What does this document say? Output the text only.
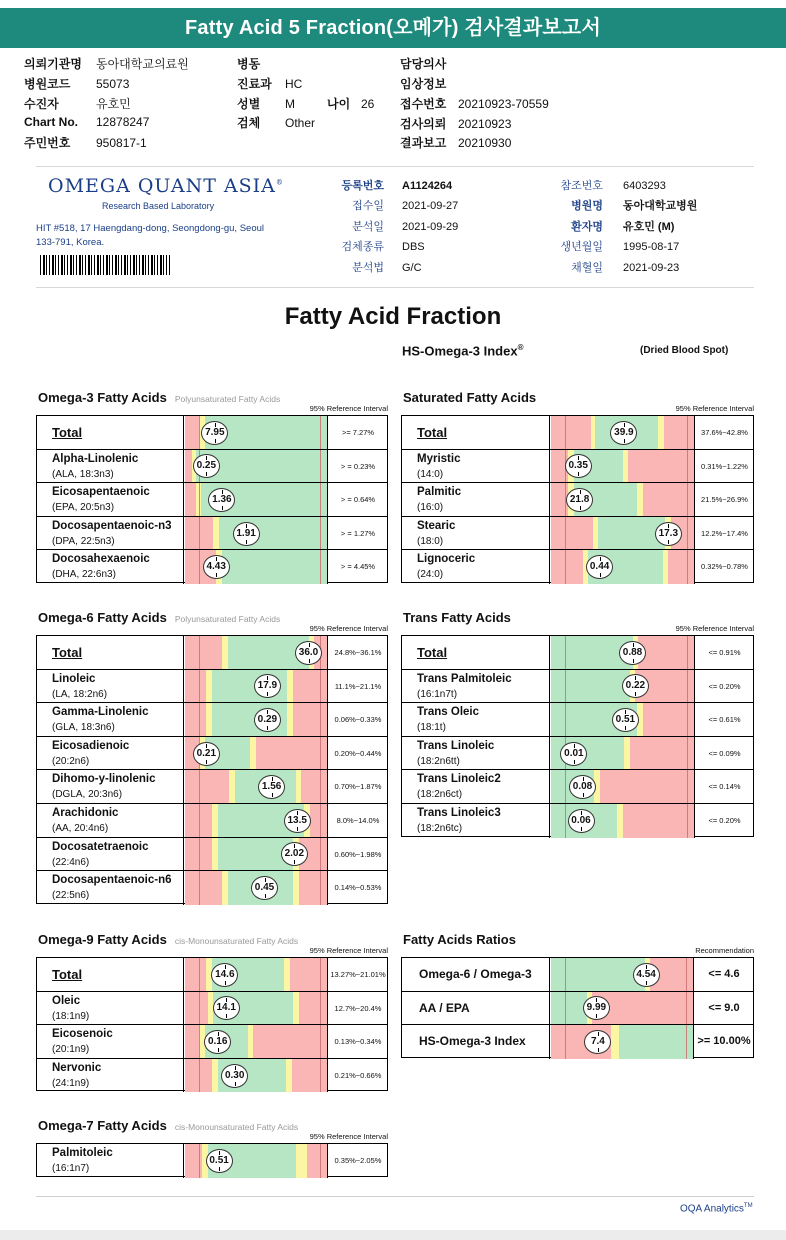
Fatty Acid 5 Fraction(오메가) 검사결과보고서
의뢰기관명 동아대학교의료원
병원코드 55073
수진자	유호민
Chart No. 12878247
주민번호 950817-1
병동
진료과 HC
성별 M	나이 26
검체 Other
담당의사
임상정보
접수번호 20210923-70559
검사의뢰 20210923
결과보고 20210930
OMEGA QUANT ASIA®
Research Based Laboratory
HIT #518, 17 Haengdang-dong, Seongdong-gu, Seoul 133-791, Korea.
등록번호 A1124264
접수일 2021-09-27
분석일 2021-09-29
검체종류 DBS
분석법 G/C
참조번호 6403293
병원명 동아대학교병원
환자명 유호민 (M)
생년월일 1995-08-17
채혈일 2021-09-23
Fatty Acid Fraction
HS-Omega-3 Index®	(Dried Blood Spot)
Omega-3 Fatty Acids Polyunsaturated Fatty Acids
95% Reference Interval
Total	7.95	>= 7.27%
Alpha-Linolenic
(ALA, 18:3n3)
0.25	> = 0.23%
Eicosapentaenoic
(EPA, 20:5n3)
1.36	> = 0.64%
Docosapentaenoic-n3
(DPA, 22:5n3)
1.91	> = 1.27%
Docosahexaenoic
(DHA, 22:6n3)
4.43	> = 4.45%
Saturated Fatty Acids
95% Reference Interval
Total	39.9	37.6%~42.8%
Myristic
(14:0)
0.35	0.31%~1.22%
Palmitic
(16:0)
21.8	21.5%~26.9%
Stearic
(18:0)
17.3	12.2%~17.4%
Lignoceric
(24:0)
0.44	0.32%~0.78%
Omega-6 Fatty Acids Polyunsaturated Fatty Acids
95% Reference Interval
Total	36.0	24.8%~36.1%
Linoleic
(LA, 18:2n6)
17.9	11.1%~21.1%
Gamma-Linolenic
(GLA, 18:3n6)
0.29	0.06%~0.33%
Eicosadienoic
(20:2n6)
0.21	0.20%~0.44%
Dihomo-y-linolenic
(DGLA, 20:3n6)
1.56	0.70%~1.87%
Arachidonic
(AA, 20:4n6)
13.5	8.0%~14.0%
Docosatetraenoic
(22:4n6)
2.02	0.60%~1.98%
Docosapentaenoic-n6
(22:5n6)
0.45	0.14%~0.53%
Trans Fatty Acids
95% Reference Interval
Total	0.88	<= 0.91%
Trans Palmitoleic
(16:1n7t)
0.22	<= 0.20%
Trans Oleic
(18:1t)
0.51	<= 0.61%
Trans Linoleic
(18:2n6tt)
0.01	<= 0.09%
Trans Linoleic2
(18:2n6ct)
0.08	<= 0.14%
Trans Linoleic3
(18:2n6tc)
0.06	<= 0.20%
Omega-9 Fatty Acids cis-Monounsaturated Fatty Acids
95% Reference Interval
Total	14.6	13.27%~21.01%
Oleic
(18:1n9)
14.1	12.7%~20.4%
Eicosenoic
(20:1n9)
0.16	0.13%~0.34%
Nervonic
(24:1n9)
0.30	0.21%~0.66%
Omega-7 Fatty Acids cis-Monounsaturated Fatty Acids
95% Reference Interval
Palmitoleic
(16:1n7)
0.51	0.35%~2.05%
Fatty Acids Ratios
Recommendation
Omega-6 / Omega-3	4.54	<= 4.6
AA / EPA	9.99	<= 9.0
HS-Omega-3 Index	7.4	>= 10.00%
OQA Analytics™
